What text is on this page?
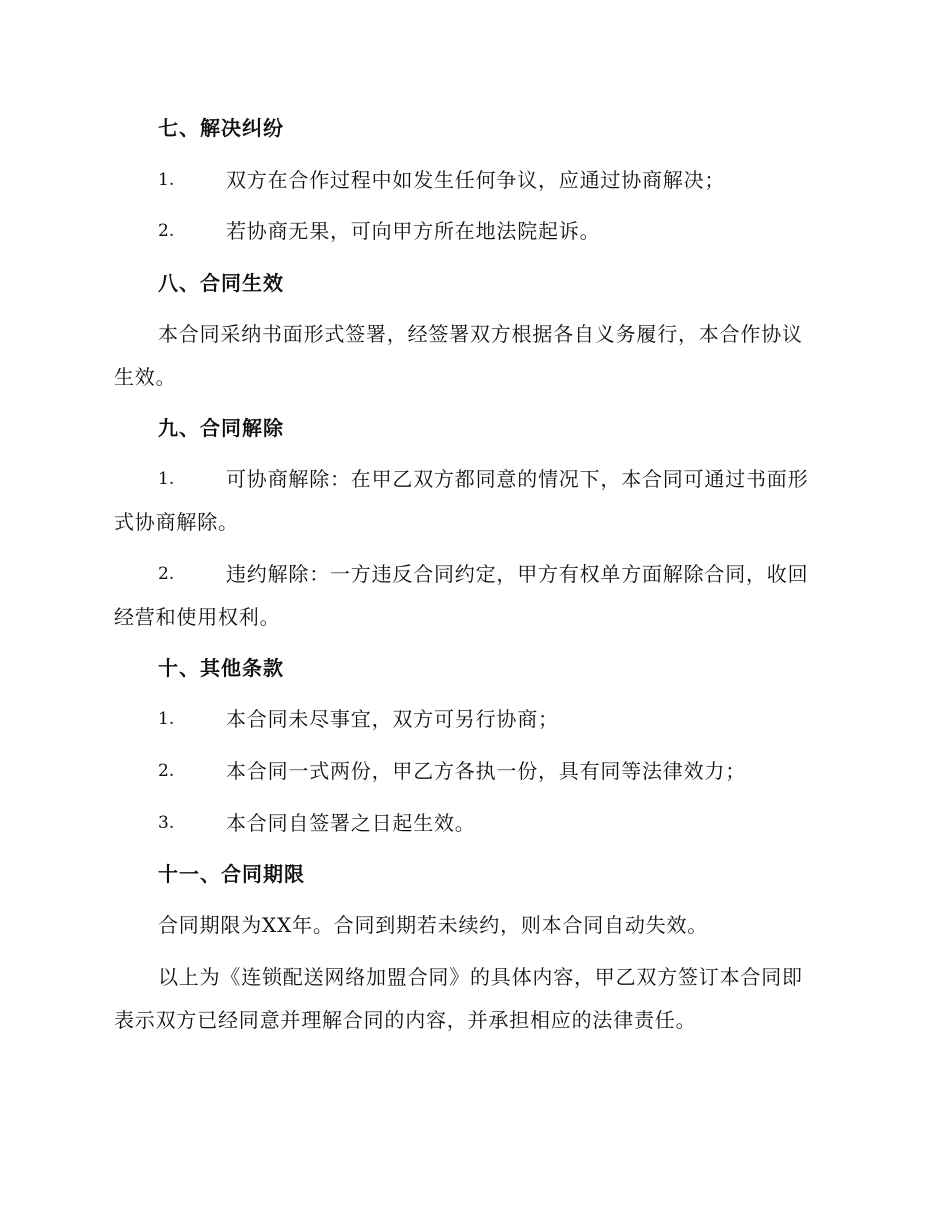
七、解决纠纷
1.	双方在合作过程中如发生任何争议，应通过协商解决；
2.	若协商无果，可向甲方所在地法院起诉。
八、合同生效
本合同采纳书面形式签署，经签署双方根据各自义务履行，本合作协议
生效。
九、合同解除
1.	可协商解除：在甲乙双方都同意的情况下，本合同可通过书面形
式协商解除。
2.	违约解除：一方违反合同约定，甲方有权单方面解除合同，收回
经营和使用权利。
十、其他条款
1.	本合同未尽事宜，双方可另行协商；
2.	本合同一式两份，甲乙方各执一份，具有同等法律效力；
3.	本合同自签署之日起生效。
十一、合同期限
合同期限为XX年。合同到期若未续约，则本合同自动失效。
以上为《连锁配送网络加盟合同》的具体内容，甲乙双方签订本合同即
表示双方已经同意并理解合同的内容，并承担相应的法律责任。
